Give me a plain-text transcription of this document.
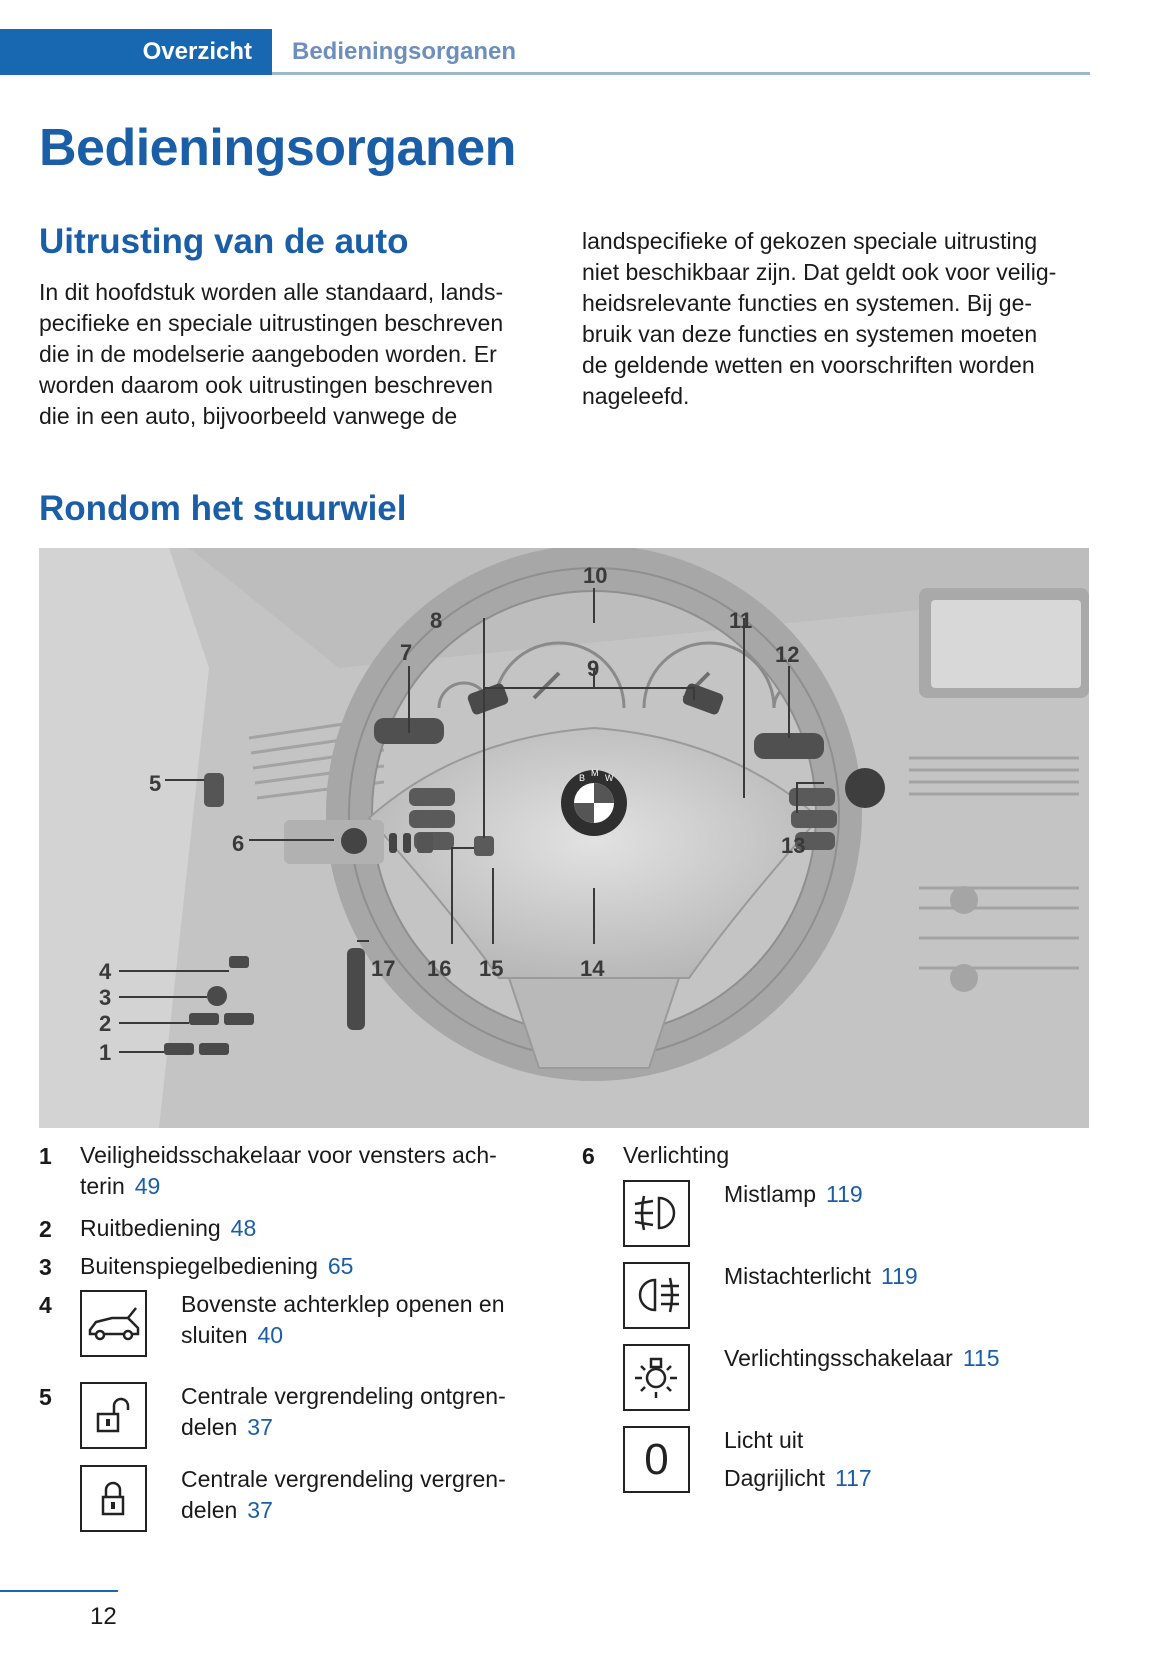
Overzicht	Bedieningsorganen
Bedieningsorganen
Uitrusting van de auto
In dit hoofdstuk worden alle standaard, lands-
pecifieke en speciale uitrustingen beschreven
die in de modelserie aangeboden worden. Er
worden daarom ook uitrustingen beschreven
die in een auto, bijvoorbeeld vanwege de
landspecifieke of gekozen speciale uitrusting
niet beschikbaar zijn. Dat geldt ook voor veilig-
heidsrelevante functies en systemen. Bij ge-
bruik van deze functies en systemen moeten
de geldende wetten en voorschriften worden
nageleefd.
Rondom het stuurwiel
B M W
10
8
7
9
11
12
13
5
6
17 16 15	14
4
3
2
1
1 Veiligheidsschakelaar voor vensters ach-
terin 49
2 Ruitbediening 48
3 Buitenspiegelbediening 65
4	Bovenste achterklep openen en
sluiten 40
5	Centrale vergrendeling ontgren-
delen 37
Centrale vergrendeling vergren-
delen 37
6 Verlichting
Mistlamp 119
Mistachterlicht 119
Verlichtingsschakelaar 115
0	Licht uit
Dagrijlicht 117
12
